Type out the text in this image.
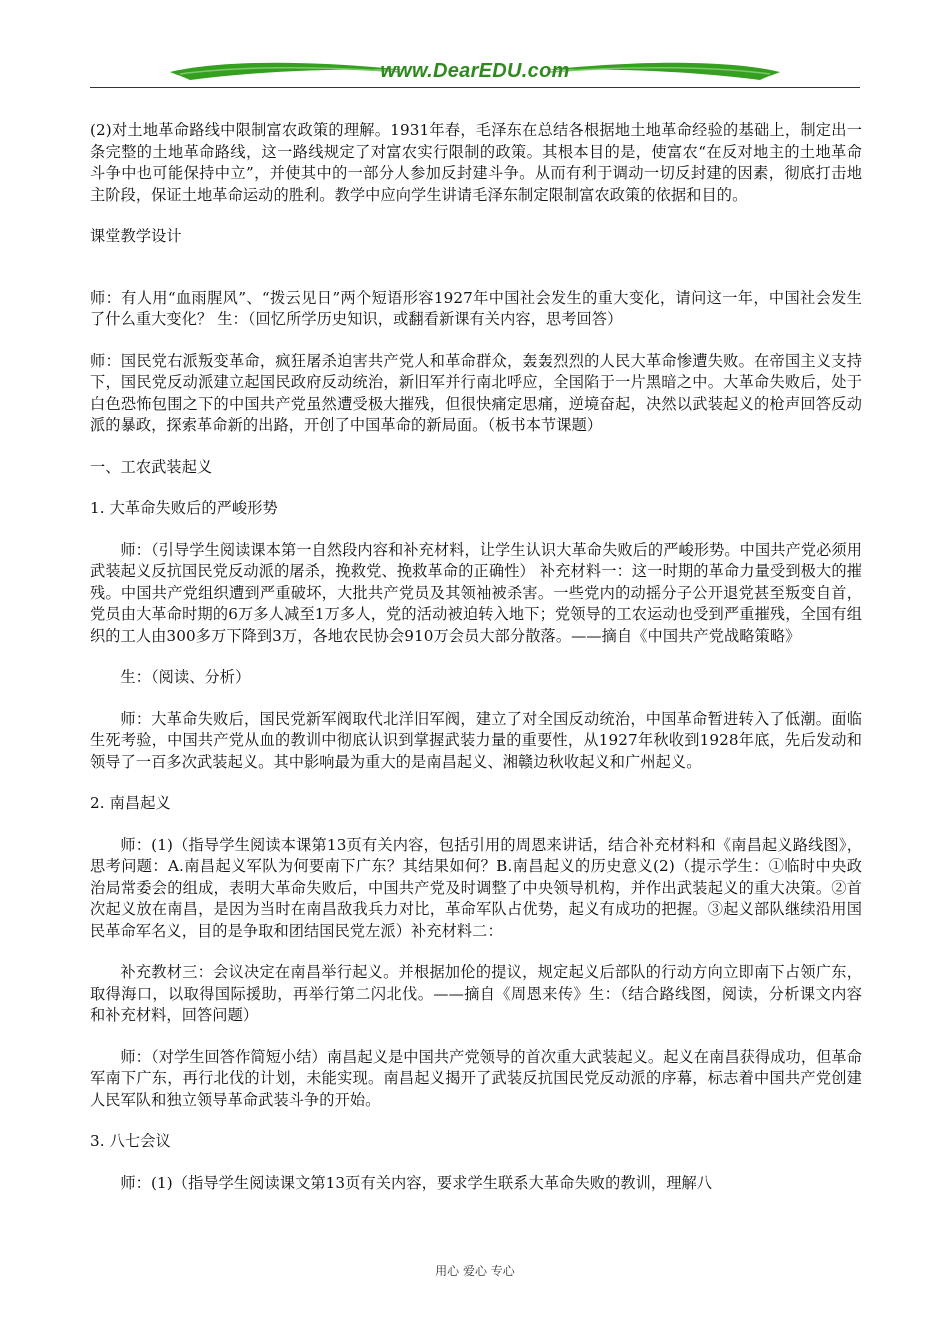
www.DearEDU.com

(2)对土地革命路线中限制富农政策的理解。1931年春，毛泽东在总结各根据地土地革命经验的基础上，制定出一条完整的土地革命路线，这一路线规定了对富农实行限制的政策。其根本目的是，使富农“在反对地主的土地革命斗争中也可能保持中立”，并使其中的一部分人参加反封建斗争。从而有利于调动一切反封建的因素，彻底打击地主阶段，保证土地革命运动的胜利。教学中应向学生讲请毛泽东制定限制富农政策的依据和目的。

课堂教学设计

师：有人用“血雨腥风”、“拨云见日”两个短语形容1927年中国社会发生的重大变化，请问这一年，中国社会发生了什么重大变化？ 生：（回忆所学历史知识，或翻看新课有关内容，思考回答）

师：国民党右派叛变革命，疯狂屠杀迫害共产党人和革命群众，轰轰烈烈的人民大革命惨遭失败。在帝国主义支持下，国民党反动派建立起国民政府反动统治，新旧军并行南北呼应，全国陷于一片黑暗之中。大革命失败后，处于白色恐怖包围之下的中国共产党虽然遭受极大摧残，但很快痛定思痛，逆境奋起，决然以武装起义的枪声回答反动派的暴政，探索革命新的出路，开创了中国革命的新局面。（板书本节课题）

一、工农武装起义

1. 大革命失败后的严峻形势

师：（引导学生阅读课本第一自然段内容和补充材料，让学生认识大革命失败后的严峻形势。中国共产党必须用武装起义反抗国民党反动派的屠杀，挽救党、挽救革命的正确性） 补充材料一：这一时期的革命力量受到极大的摧残。中国共产党组织遭到严重破坏，大批共产党员及其领袖被杀害。一些党内的动摇分子公开退党甚至叛变自首，党员由大革命时期的6万多人减至1万多人，党的活动被迫转入地下；党领导的工农运动也受到严重摧残，全国有组织的工人由300多万下降到3万，各地农民协会910万会员大部分散落。——摘自《中国共产党战略策略》

生：（阅读、分析）

师：大革命失败后，国民党新军阀取代北洋旧军阀，建立了对全国反动统治，中国革命暂进转入了低潮。面临生死考验，中国共产党从血的教训中彻底认识到掌握武装力量的重要性，从1927年秋收到1928年底，先后发动和领导了一百多次武装起义。其中影响最为重大的是南昌起义、湘赣边秋收起义和广州起义。

2. 南昌起义

师：(1)（指导学生阅读本课第13页有关内容，包括引用的周恩来讲话，结合补充材料和《南昌起义路线图》，思考问题：A.南昌起义军队为何要南下广东？其结果如何？B.南昌起义的历史意义(2)（提示学生：①临时中央政治局常委会的组成，表明大革命失败后，中国共产党及时调整了中央领导机构，并作出武装起义的重大决策。②首次起义放在南昌，是因为当时在南昌敌我兵力对比，革命军队占优势，起义有成功的把握。③起义部队继续沿用国民革命军名义，目的是争取和团结国民党左派）补充材料二：

补充教材三：会议决定在南昌举行起义。并根据加伦的提议，规定起义后部队的行动方向立即南下占领广东，取得海口，以取得国际援助，再举行第二闪北伐。——摘自《周恩来传》生：（结合路线图，阅读，分析课文内容和补充材料，回答问题）

师：（对学生回答作简短小结）南昌起义是中国共产党领导的首次重大武装起义。起义在南昌获得成功，但革命军南下广东，再行北伐的计划，未能实现。南昌起义揭开了武装反抗国民党反动派的序幕，标志着中国共产党创建人民军队和独立领导革命武装斗争的开始。

3. 八七会议

师：(1)（指导学生阅读课文第13页有关内容，要求学生联系大革命失败的教训，理解八

用心 爱心 专心
